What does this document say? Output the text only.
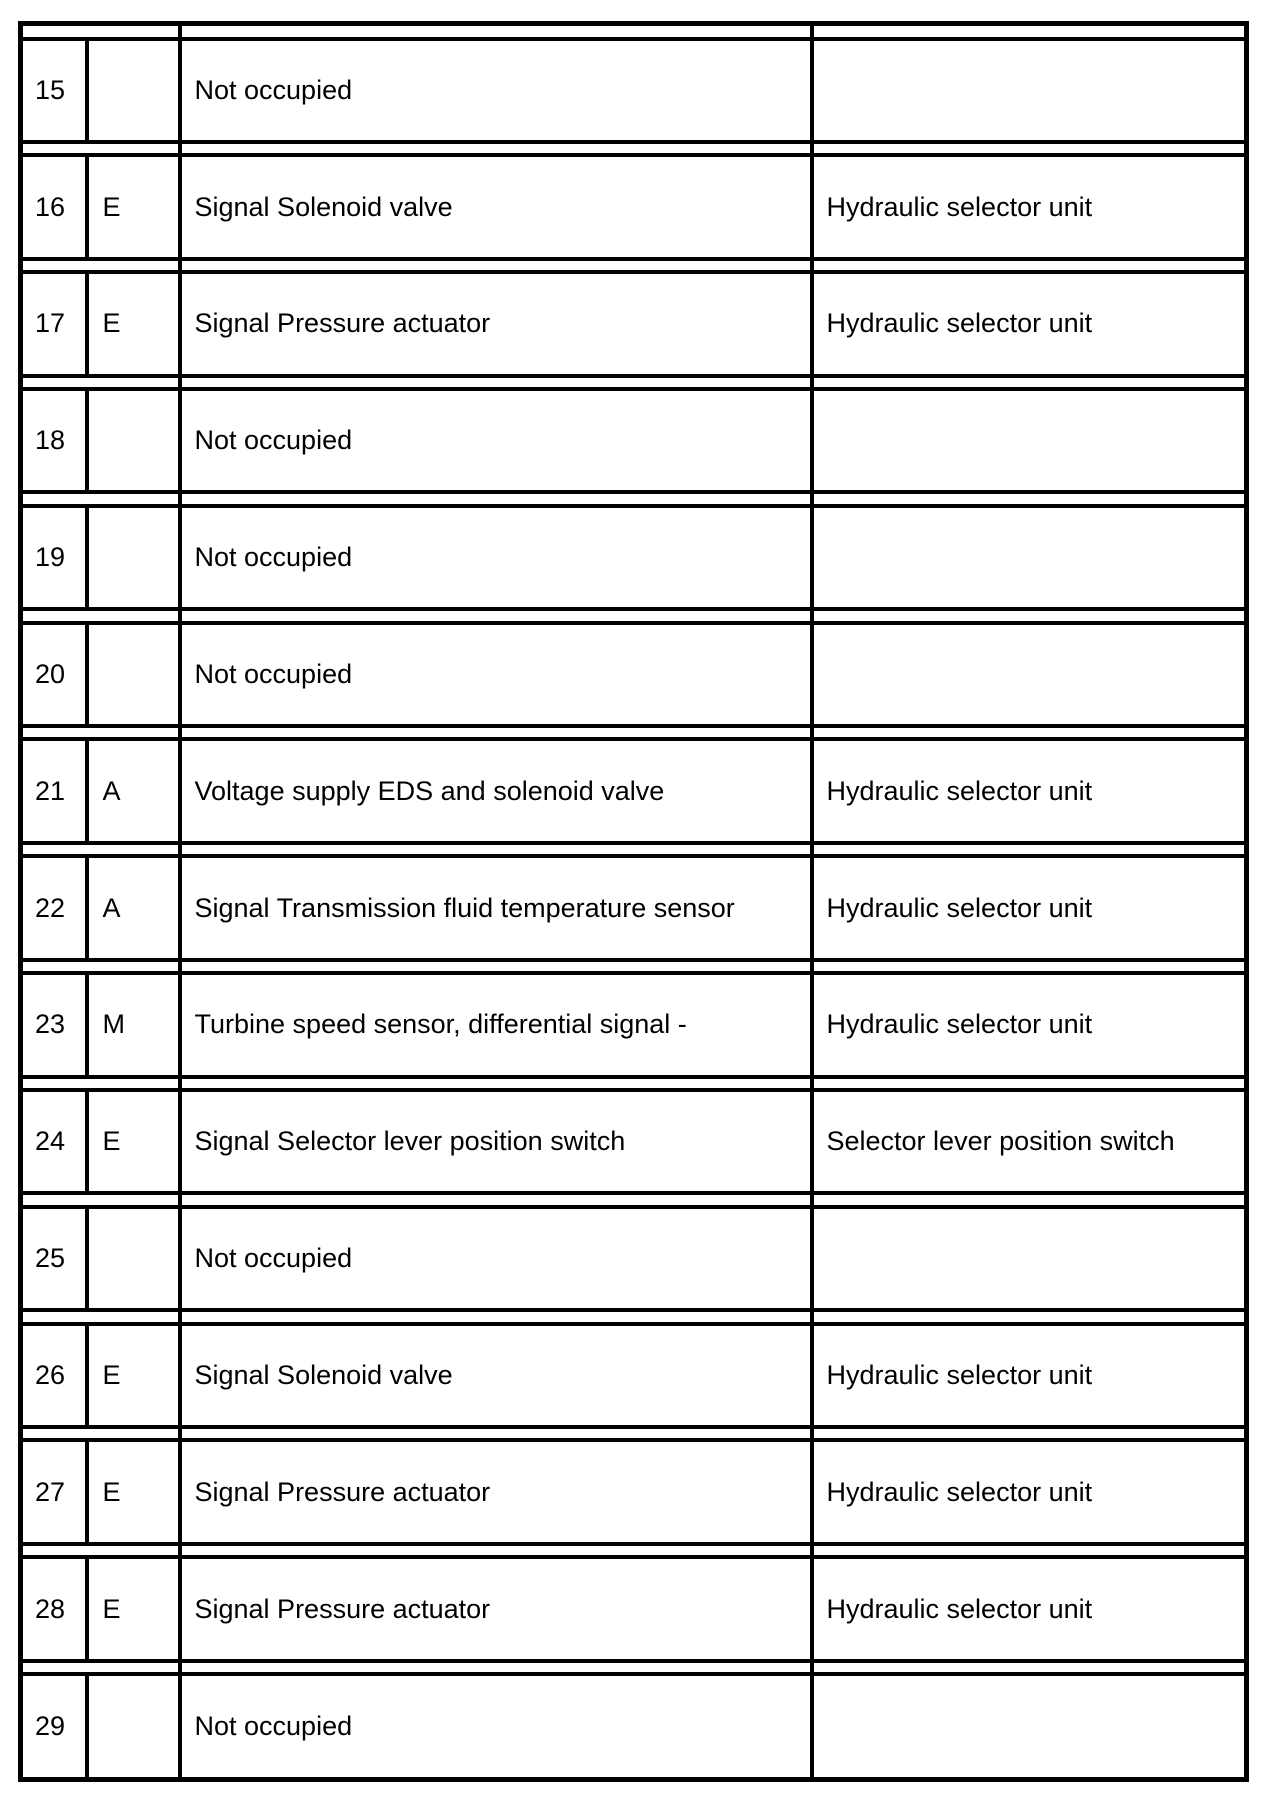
15		Not occupied	

16	E	Signal Solenoid valve	Hydraulic selector unit

17	E	Signal Pressure actuator	Hydraulic selector unit

18		Not occupied	

19		Not occupied	

20		Not occupied	

21	A	Voltage supply EDS and solenoid valve	Hydraulic selector unit

22	A	Signal Transmission fluid temperature sensor	Hydraulic selector unit

23	M	Turbine speed sensor, differential signal -	Hydraulic selector unit

24	E	Signal Selector lever position switch	Selector lever position switch

25		Not occupied	

26	E	Signal Solenoid valve	Hydraulic selector unit

27	E	Signal Pressure actuator	Hydraulic selector unit

28	E	Signal Pressure actuator	Hydraulic selector unit

29		Not occupied	
